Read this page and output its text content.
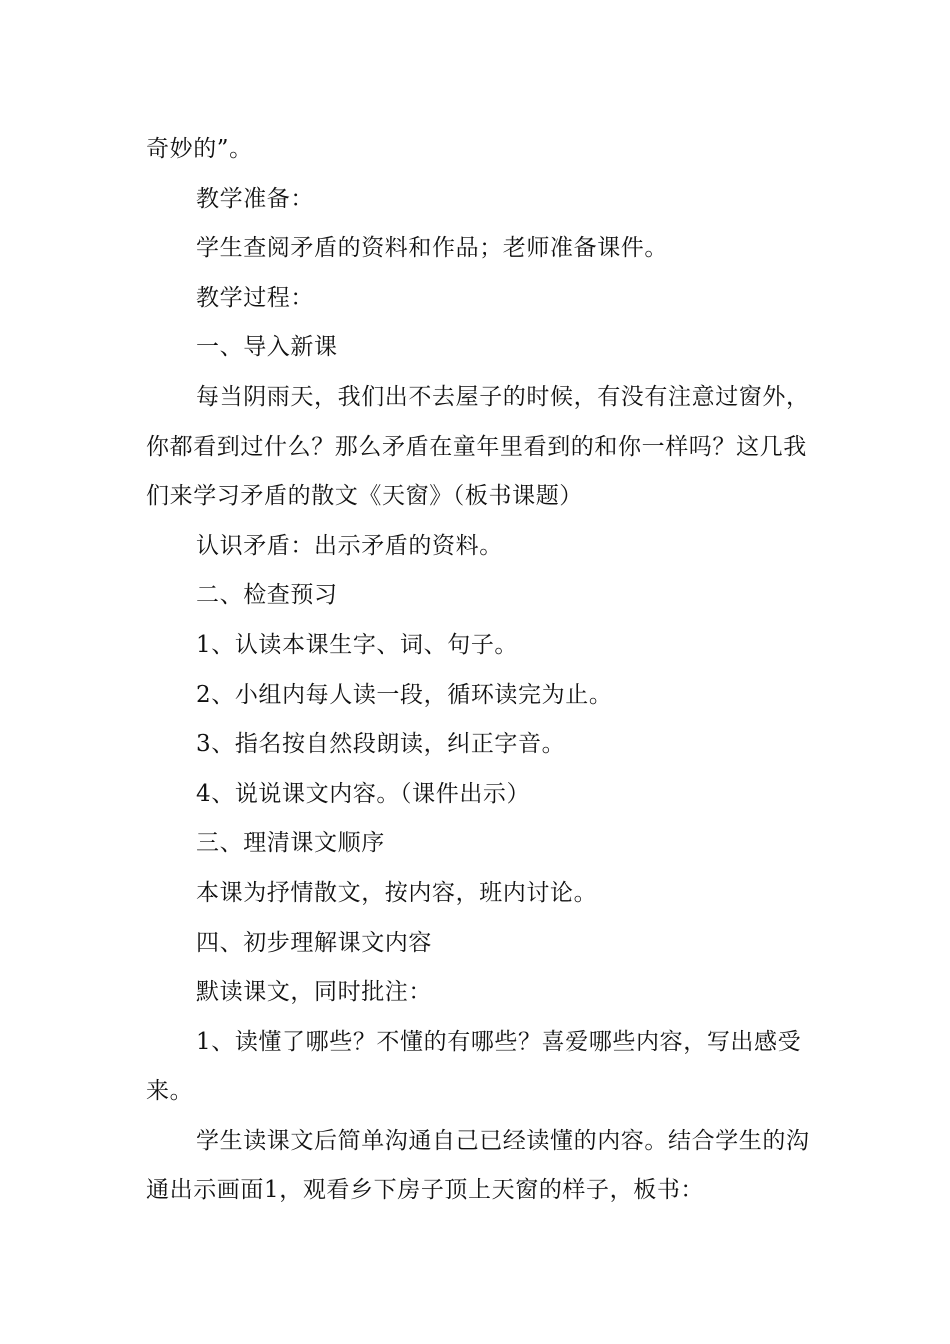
奇妙的”。

教学准备：

学生查阅矛盾的资料和作品；老师准备课件。

教学过程：

一、导入新课

每当阴雨天，我们出不去屋子的时候，有没有注意过窗外，你都看到过什么？那么矛盾在童年里看到的和你一样吗？这几我们来学习矛盾的散文《天窗》（板书课题）

认识矛盾：出示矛盾的资料。

二、检查预习

1、认读本课生字、词、句子。

2、小组内每人读一段，循环读完为止。

3、指名按自然段朗读，纠正字音。

4、说说课文内容。（课件出示）

三、理清课文顺序

本课为抒情散文，按内容，班内讨论。

四、初步理解课文内容

默读课文，同时批注：

1、读懂了哪些？不懂的有哪些？喜爱哪些内容，写出感受来。

学生读课文后简单沟通自己已经读懂的内容。结合学生的沟通出示画面1，观看乡下房子顶上天窗的样子，板书：
